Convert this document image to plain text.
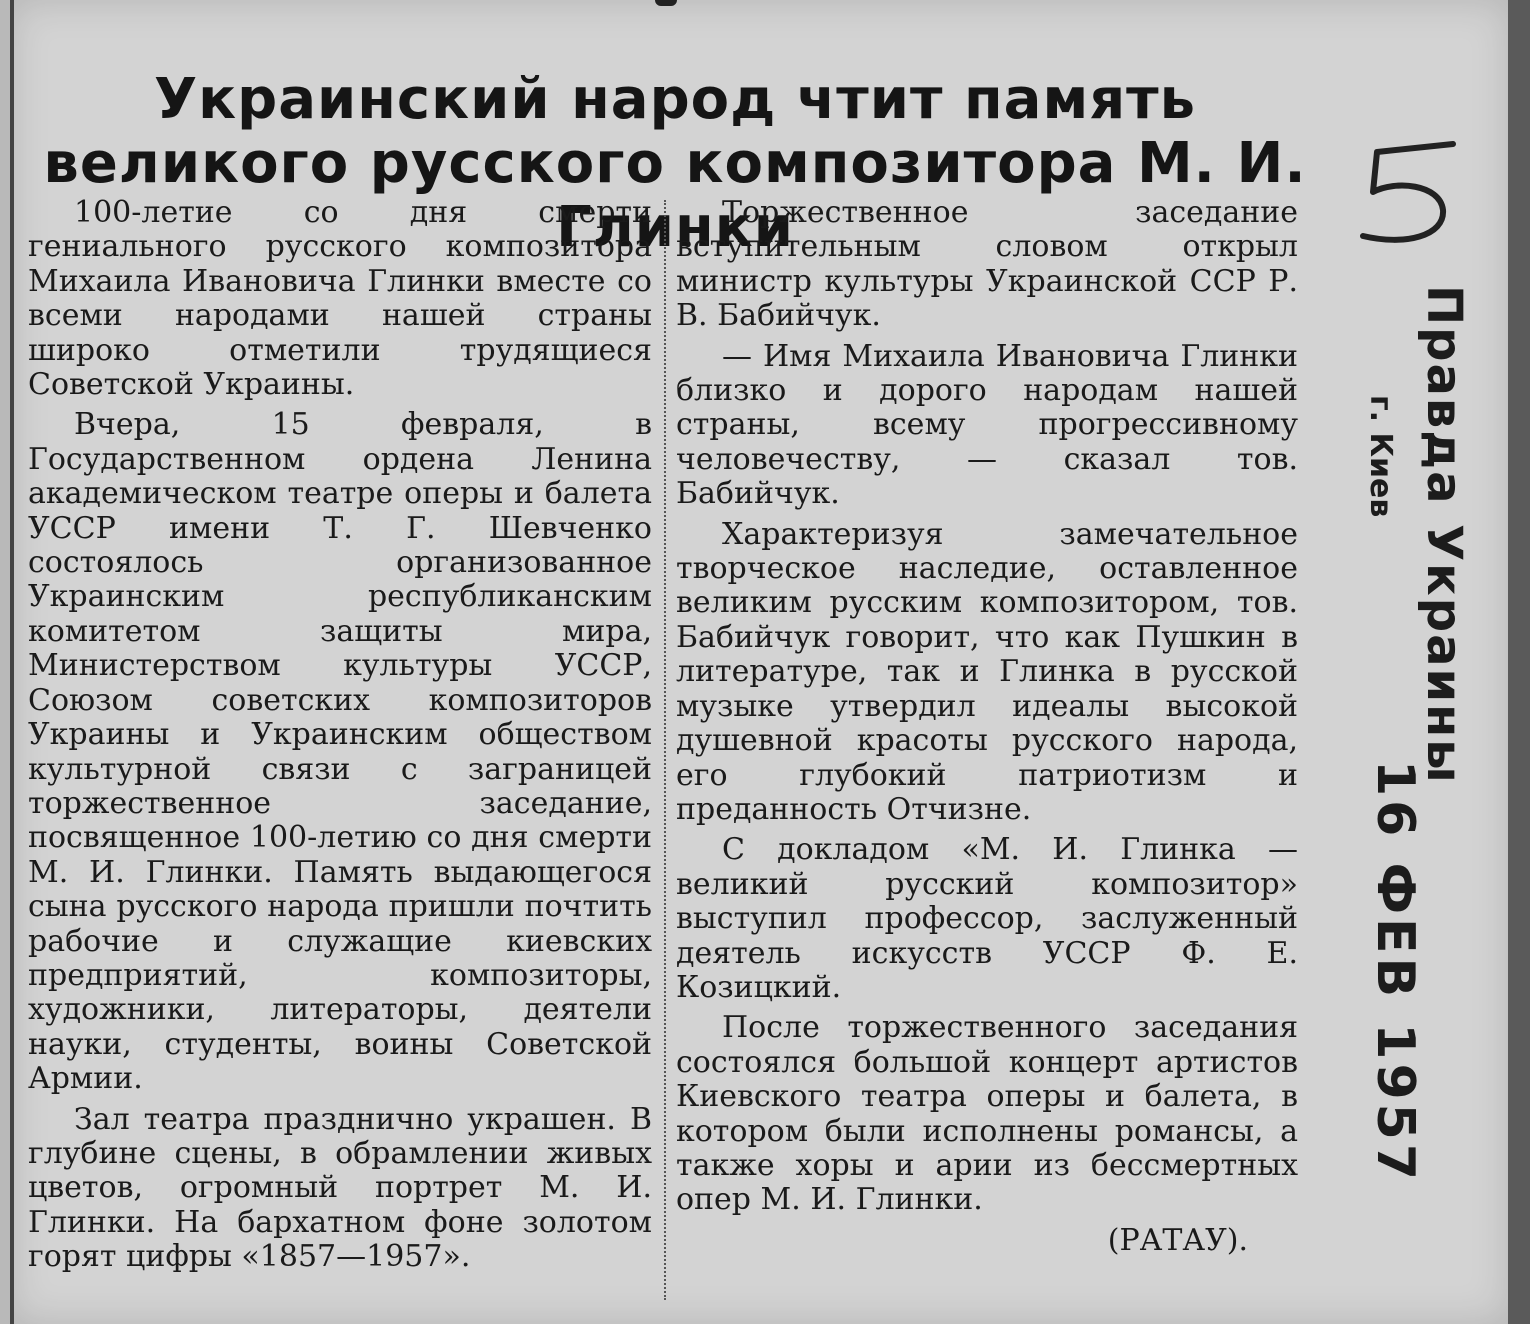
Украинский народ чтит память великого русского композитора М. И. Глинки

100-летие со дня смерти гениального русского композитора Михаила Ивановича Глинки вместе со всеми народами нашей страны широко отметили трудящиеся Советской Украины.

Вчера, 15 февраля, в Государственном ордена Ленина академическом театре оперы и балета УССР имени Т. Г. Шевченко состоялось организованное Украинским республиканским комитетом защиты мира, Министерством культуры УССР, Союзом советских композиторов Украины и Украинским обществом культурной связи с заграницей торжественное заседание, посвященное 100-летию со дня смерти М. И. Глинки. Память выдающегося сына русского народа пришли почтить рабочие и служащие киевских предприятий, композиторы, художники, литераторы, деятели науки, студенты, воины Советской Армии.

Зал театра празднично украшен. В глубине сцены, в обрамлении живых цветов, огромный портрет М. И. Глинки. На бархатном фоне золотом горят цифры «1857—1957».

Торжественное заседание вступительным словом открыл министр культуры Украинской ССР Р. В. Бабийчук.

— Имя Михаила Ивановича Глинки близко и дорого народам нашей страны, всему прогрессивному человечеству, — сказал тов. Бабийчук.

Характеризуя замечательное творческое наследие, оставленное великим русским композитором, тов. Бабийчук говорит, что как Пушкин в литературе, так и Глинка в русской музыке утвердил идеалы высокой душевной красоты русского народа, его глубокий патриотизм и преданность Отчизне.

С докладом «М. И. Глинка — великий русский композитор» выступил профессор, заслуженный деятель искусств УССР Ф. Е. Козицкий.

После торжественного заседания состоялся большой концерт артистов Киевского театра оперы и балета, в котором были исполнены романсы, а также хоры и арии из бессмертных опер М. И. Глинки.

(РАТАУ).

Правда Украины
г. Киев
16 ФЕВ 1957
